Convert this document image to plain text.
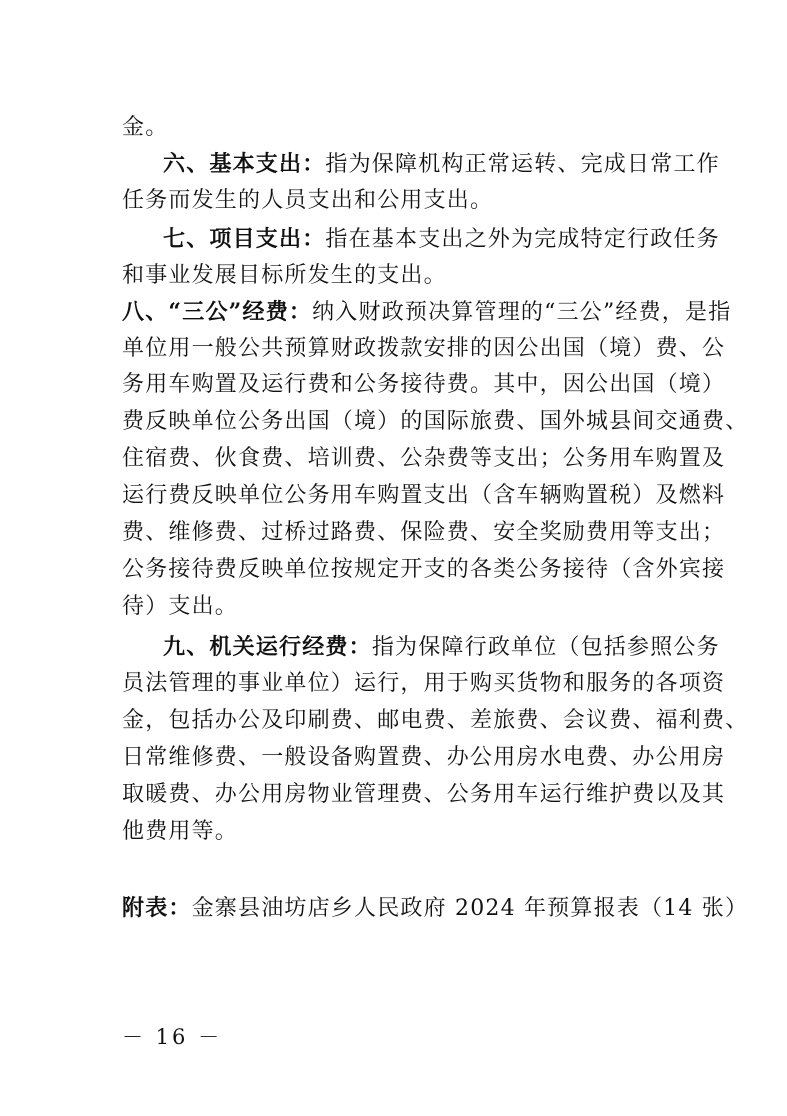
金。
六、基本支出：指为保障机构正常运转、完成日常工作
任务而发生的人员支出和公用支出。
七、项目支出：指在基本支出之外为完成特定行政任务
和事业发展目标所发生的支出。
八、“三公”经费：纳入财政预决算管理的“三公”经费，是指
单位用一般公共预算财政拨款安排的因公出国（境）费、公
务用车购置及运行费和公务接待费。其中，因公出国（境）
费反映单位公务出国（境）的国际旅费、国外城县间交通费、
住宿费、伙食费、培训费、公杂费等支出；公务用车购置及
运行费反映单位公务用车购置支出（含车辆购置税）及燃料
费、维修费、过桥过路费、保险费、安全奖励费用等支出；
公务接待费反映单位按规定开支的各类公务接待（含外宾接
待）支出。
九、机关运行经费：指为保障行政单位（包括参照公务
员法管理的事业单位）运行，用于购买货物和服务的各项资
金，包括办公及印刷费、邮电费、差旅费、会议费、福利费、
日常维修费、一般设备购置费、办公用房水电费、办公用房
取暖费、办公用房物业管理费、公务用车运行维护费以及其
他费用等。
附表：金寨县油坊店乡人民政府 2024 年预算报表（14 张）
－ 16 －
